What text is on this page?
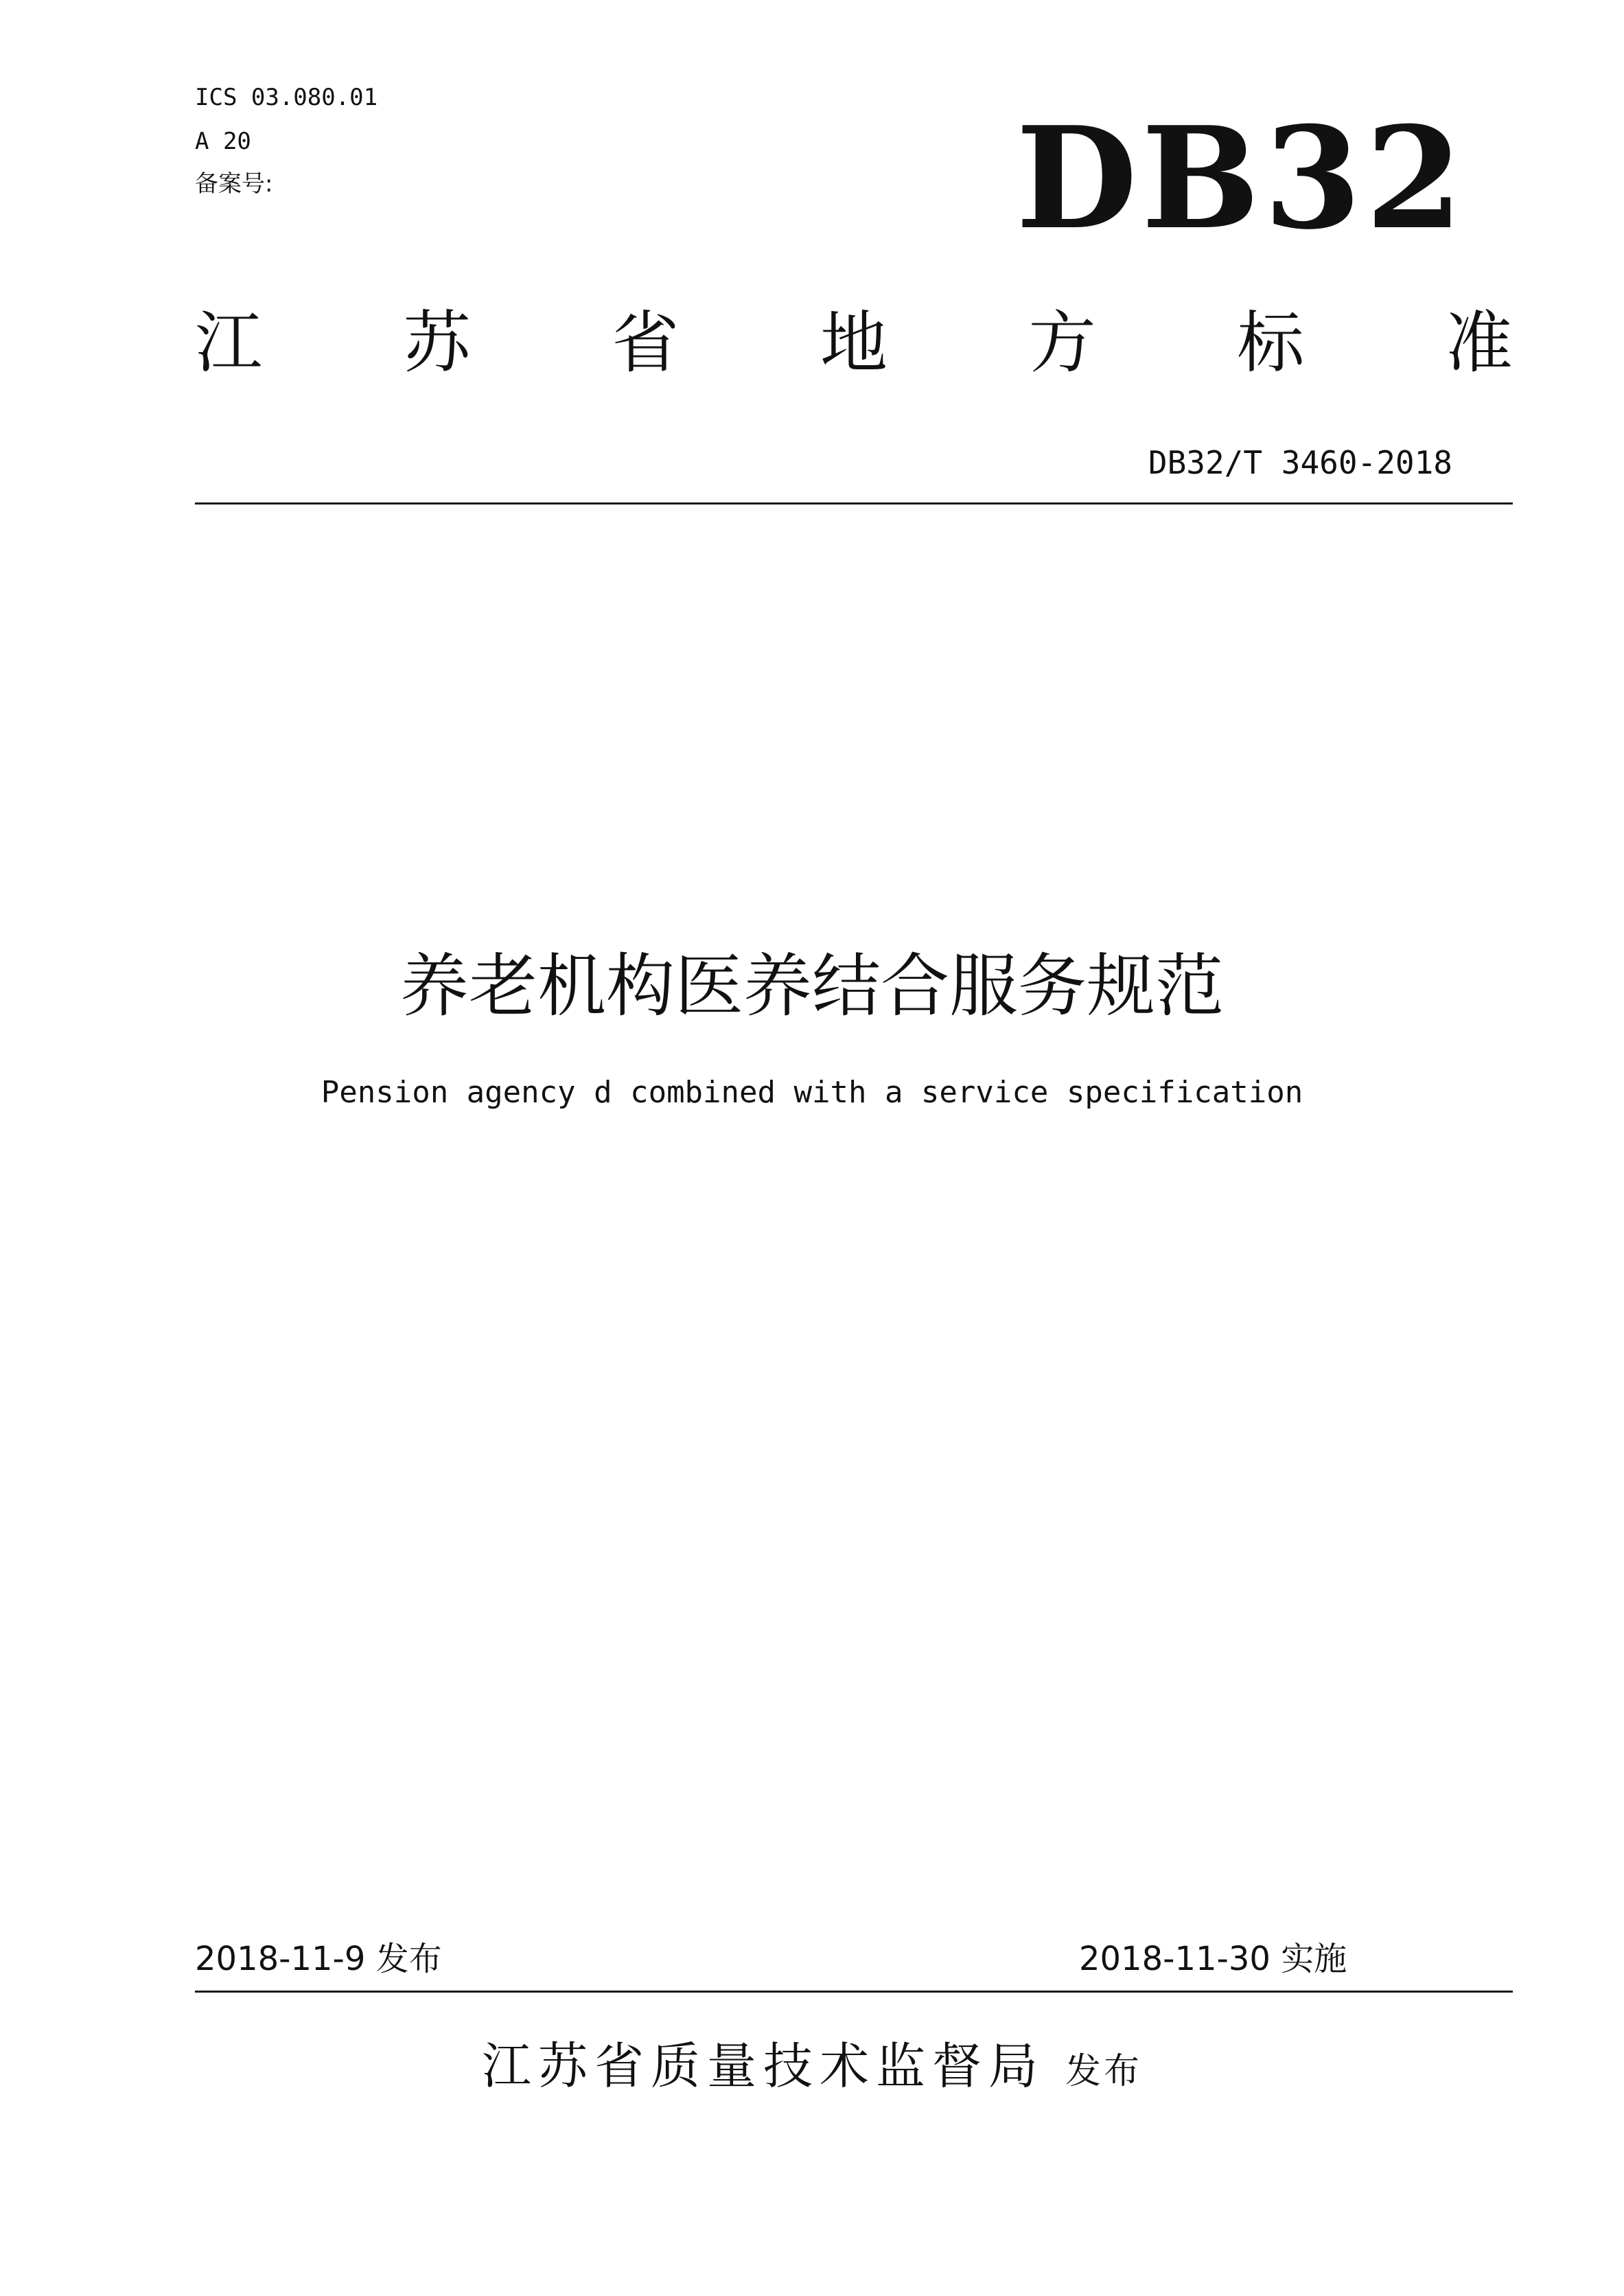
ICS 03.080.01
A 20
备案号:	DB32
江 苏 省 地 方 标 准
DB32/T 3460-2018
养老机构医养结合服务规范
Pension agency d combined with a service specification
2018-11-9 发布	2018-11-30 实施
江苏省质量技术监督局 发布
